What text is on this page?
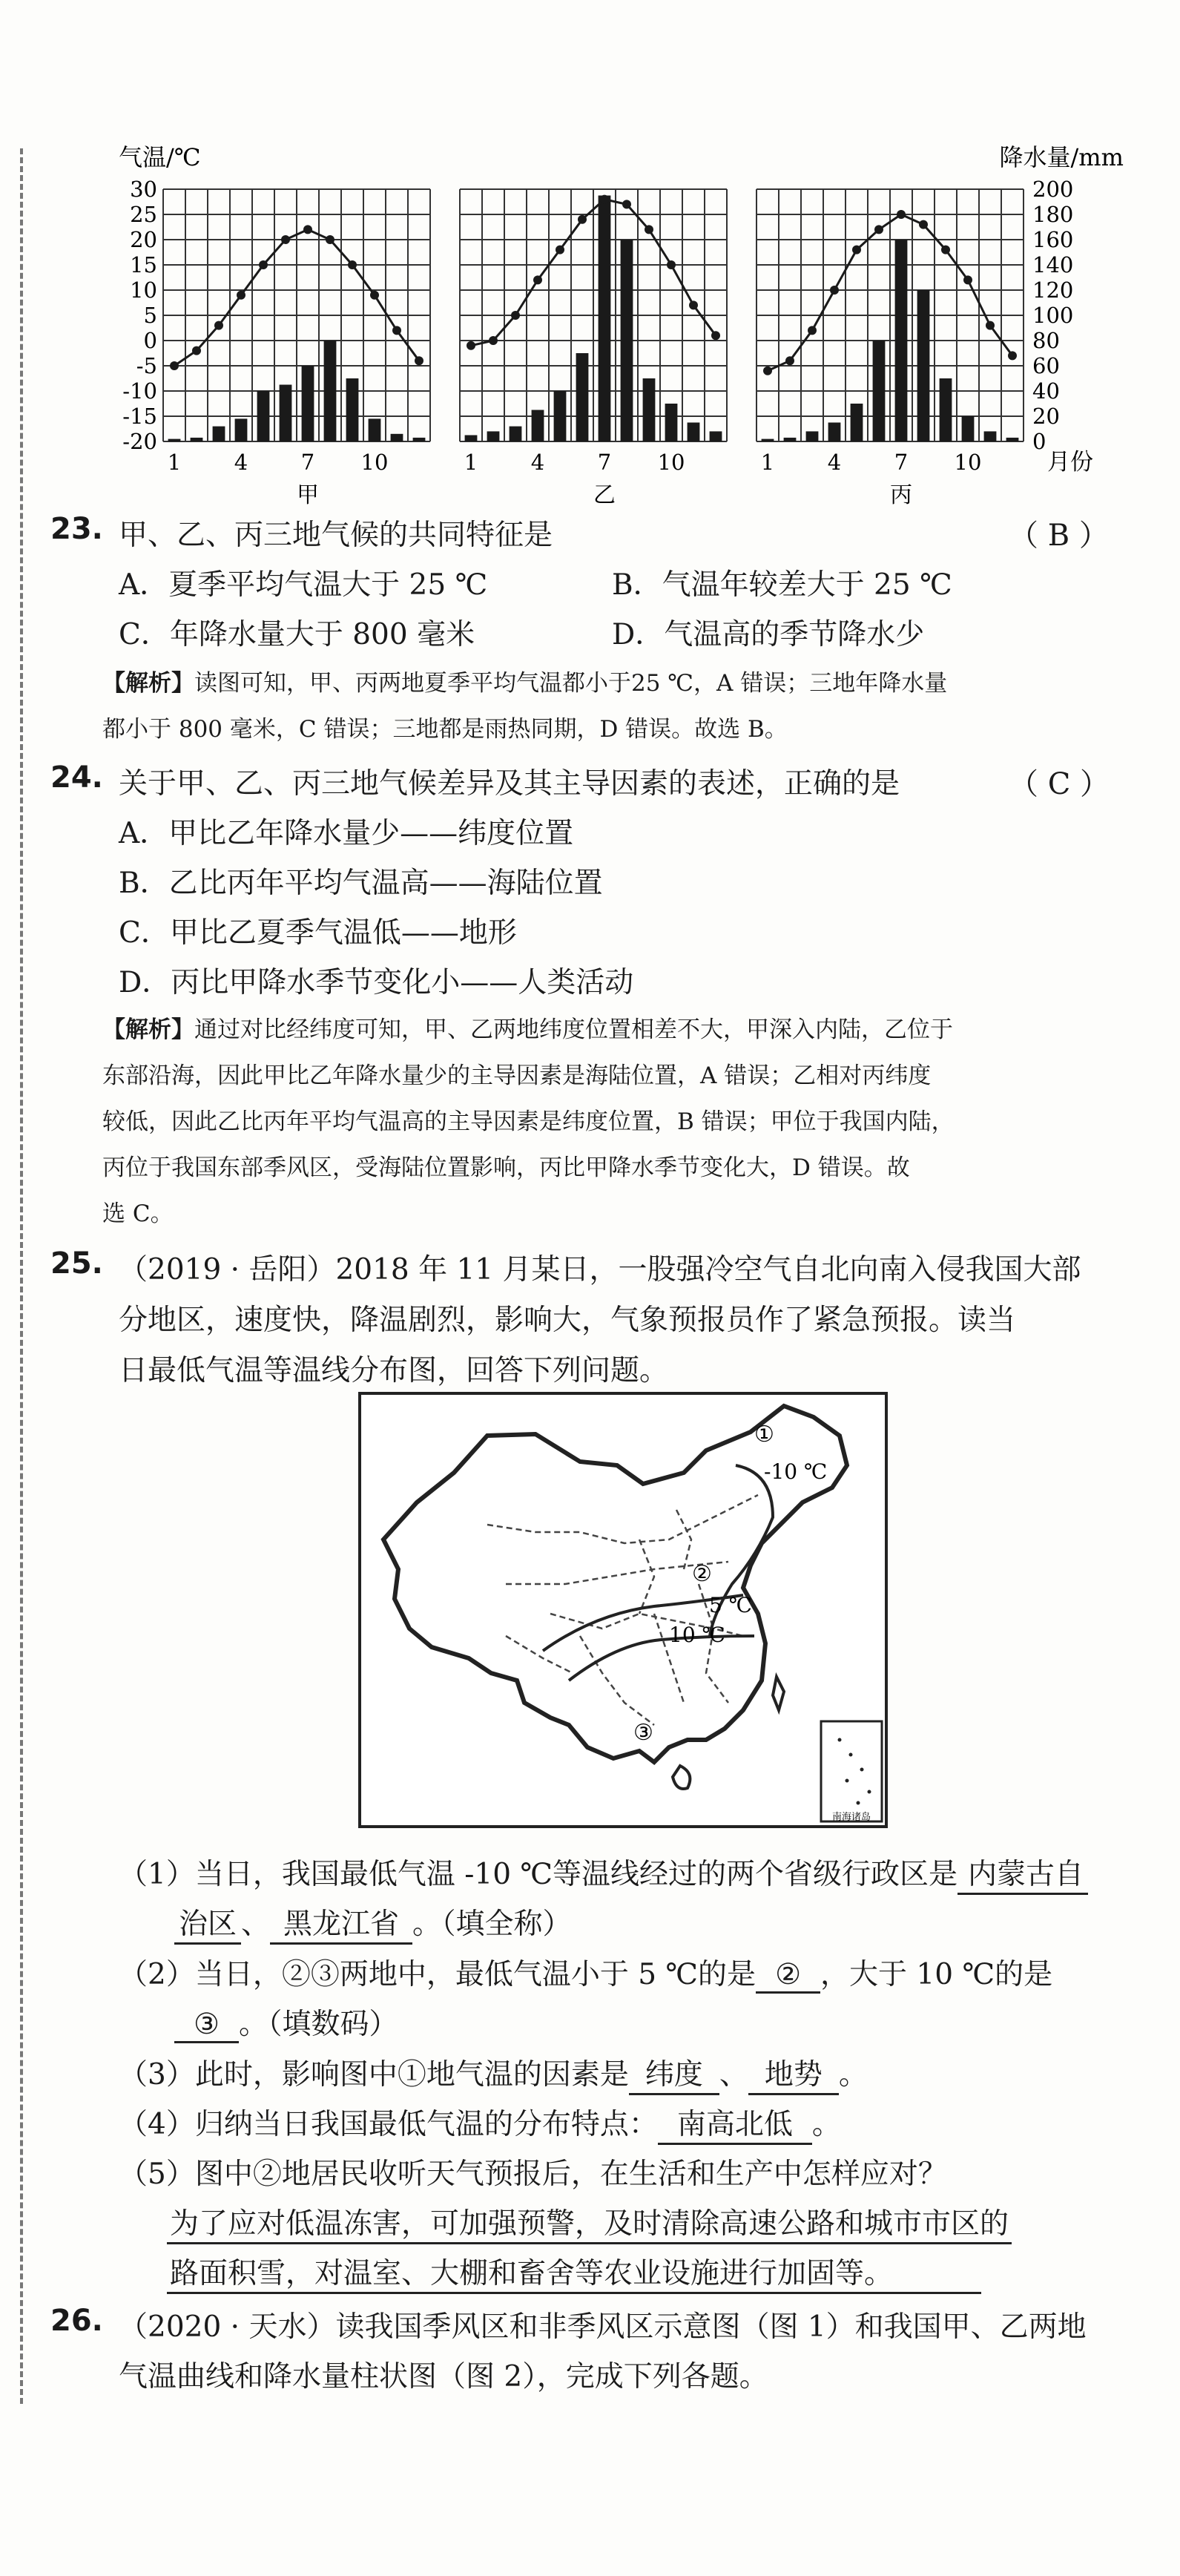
气温/℃	降水量/mm
30
25
20
15
10
5
0
-5
-10
-15
-20
200
180
160
140
120
100
80
60
40
20
0
1 4 7 10
甲
1 4 7 10
乙
1 4 7 10
丙
月份
23. 甲、乙、丙三地气候的共同特征是	（ B ）
A．夏季平均气温大于 25 ℃	B．气温年较差大于 25 ℃
C．年降水量大于 800 毫米	D．气温高的季节降水少
【解析】读图可知，甲、丙两地夏季平均气温都小于25 ℃，A 错误；三地年降水量
都小于 800 毫米，C 错误；三地都是雨热同期，D 错误。故选 B。
24. 关于甲、乙、丙三地气候差异及其主导因素的表述，正确的是	（ C ）
A．甲比乙年降水量少——纬度位置
B．乙比丙年平均气温高——海陆位置
C．甲比乙夏季气温低——地形
D．丙比甲降水季节变化小——人类活动
【解析】通过对比经纬度可知，甲、乙两地纬度位置相差不大，甲深入内陆，乙位于
东部沿海，因此甲比乙年降水量少的主导因素是海陆位置，A 错误；乙相对丙纬度
较低，因此乙比丙年平均气温高的主导因素是纬度位置，B 错误；甲位于我国内陆，
丙位于我国东部季风区，受海陆位置影响，丙比甲降水季节变化大，D 错误。故
选 C。
25. （2019 · 岳阳）2018 年 11 月某日，一股强冷空气自北向南入侵我国大部
分地区，速度快，降温剧烈，影响大，气象预报员作了紧急预报。读当
日最低气温等温线分布图，回答下列问题。
①
②
③
-10 ℃
5 ℃
10 ℃
南海诸岛
（1）当日，我国最低气温 -10 ℃等温线经过的两个省级行政区是 内蒙古自
治区 、 黑龙江省 。（填全称）
（2）当日，②③两地中，最低气温小于 5 ℃的是 ② ，大于 10 ℃的是
③ 。（填数码）
（3）此时，影响图中①地气温的因素是 纬度 、 地势 。
（4）归纳当日我国最低气温的分布特点： 南高北低 。
（5）图中②地居民收听天气预报后，在生活和生产中怎样应对？
为了应对低温冻害，可加强预警，及时清除高速公路和城市市区的
路面积雪，对温室、大棚和畜舍等农业设施进行加固等。
26. （2020 · 天水）读我国季风区和非季风区示意图（图 1）和我国甲、乙两地
气温曲线和降水量柱状图（图 2），完成下列各题。
